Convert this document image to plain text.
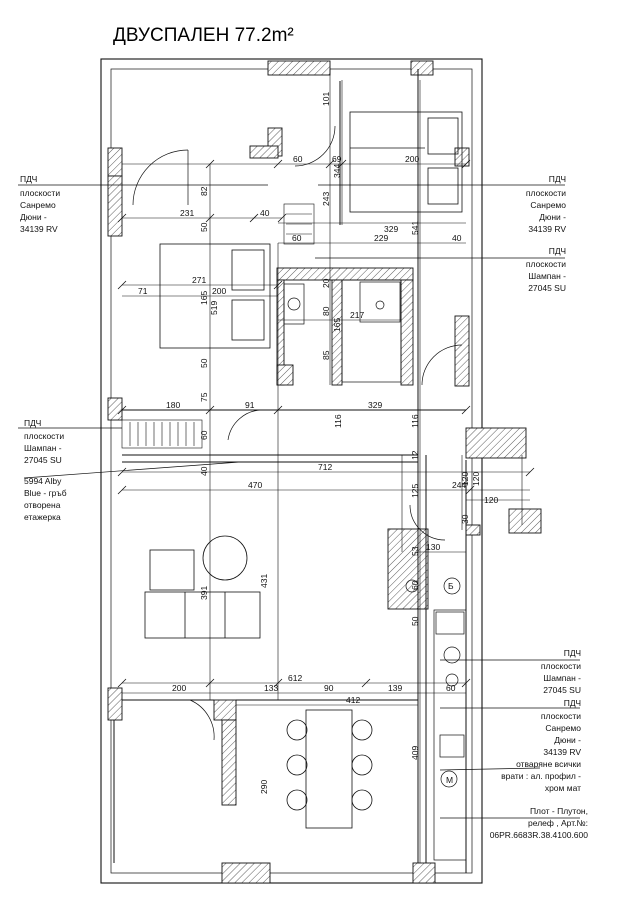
ДВУСПАЛЕН 77.2m²
M
Б
101
60	69	200
344
82
243
231	40
329 541
60	229	40
50
271
71	200
165
519
20
80 217
165
85
50
75
180	91	329
60
116	116
12
712
40
120
470	120
244
125
120
30
130
53
60
391
431
50
612
200	133	90	139	60
412
409
290
ПДЧ
плоскости
Санремо
Дюни -
34139 RV
ПДЧ
плоскости
Санремо
Дюни -
34139 RV
ПДЧ
плоскости
Шампан -
27045 SU
ПДЧ
плоскости
Шампан -
27045 SU
5994 Alby
Blue - гръб
отворена
етажерка
ПДЧ
плоскости
Шампан -
27045 SU
ПДЧ
плоскости
Санремо
Дюни -
34139 RV
отваряне всички
врати : ал. профил -
хром мат
Плот - Плутон,
релеф , Арт.№:
06PR.6683R.38.4100.600
